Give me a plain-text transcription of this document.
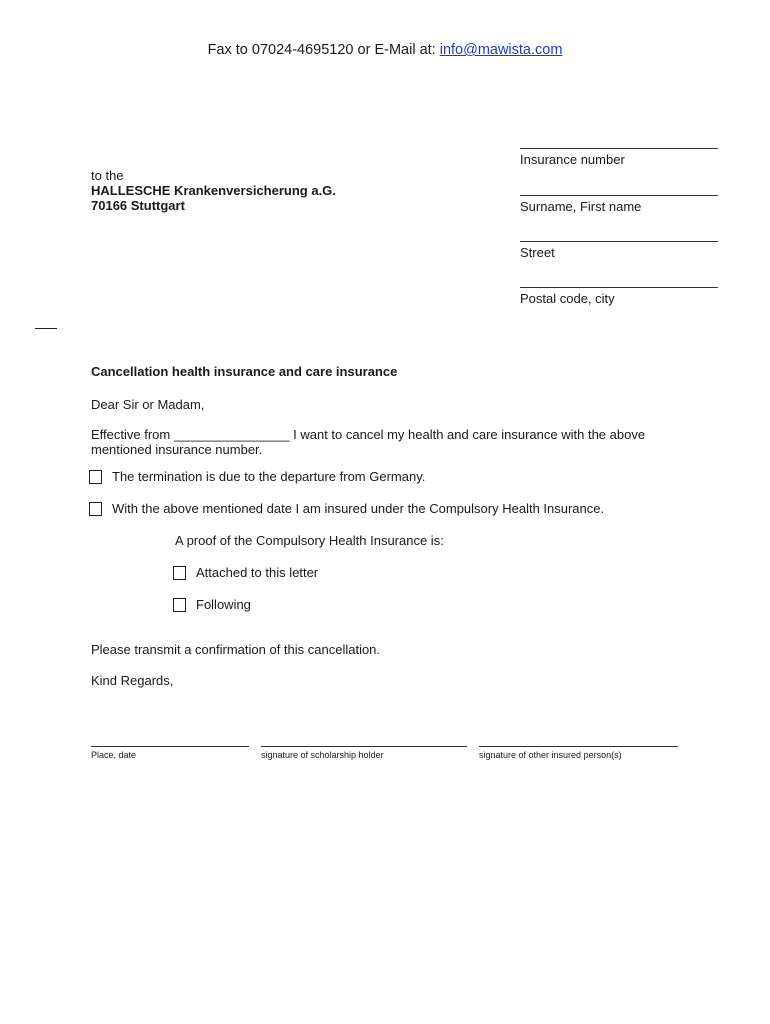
Fax to 07024-4695120 or E-Mail at: info@mawista.com
to the
HALLESCHE Krankenversicherung a.G.
70166 Stuttgart
Insurance number
Surname, First name
Street
Postal code, city
Cancellation health insurance and care insurance
Dear Sir or Madam,
Effective from ________________ I want to cancel my health and care insurance with the above
mentioned insurance number.
The termination is due to the departure from Germany.
With the above mentioned date I am insured under the Compulsory Health Insurance.
A proof of the Compulsory Health Insurance is:
Attached to this letter
Following
Please transmit a confirmation of this cancellation.
Kind Regards,
Place, date	signature of scholarship holder	signature of other insured person(s)
